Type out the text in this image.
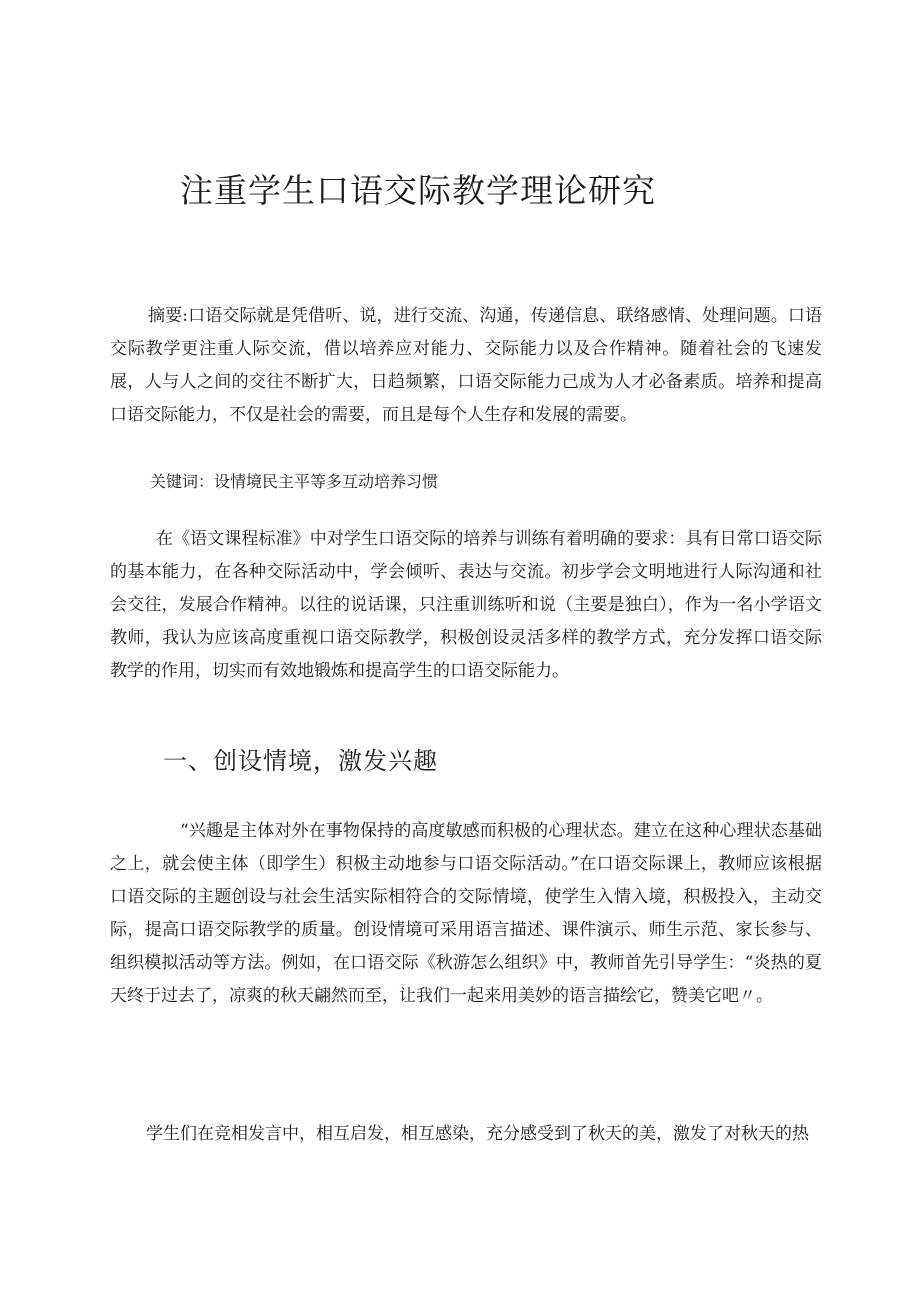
注重学生口语交际教学理论研究

摘要:口语交际就是凭借听、说，进行交流、沟通，传递信息、联络感情、处理问题。口语交际教学更注重人际交流，借以培养应对能力、交际能力以及合作精神。随着社会的飞速发展，人与人之间的交往不断扩大，日趋频繁，口语交际能力己成为人才必备素质。培养和提高口语交际能力，不仅是社会的需要，而且是每个人生存和发展的需要。

关键词：设情境民主平等多互动培养习惯

在《语文课程标准》中对学生口语交际的培养与训练有着明确的要求：具有日常口语交际的基本能力，在各种交际活动中，学会倾听、表达与交流。初步学会文明地进行人际沟通和社会交往，发展合作精神。以往的说话课，只注重训练听和说（主要是独白），作为一名小学语文教师，我认为应该高度重视口语交际教学，积极创设灵活多样的教学方式，充分发挥口语交际教学的作用，切实而有效地锻炼和提高学生的口语交际能力。

一、创设情境，激发兴趣

“兴趣是主体对外在事物保持的高度敏感而积极的心理状态。建立在这种心理状态基础之上，就会使主体（即学生）积极主动地参与口语交际活动。”在口语交际课上，教师应该根据口语交际的主题创设与社会生活实际相符合的交际情境，使学生入情入境，积极投入，主动交际，提高口语交际教学的质量。创设情境可采用语言描述、课件演示、师生示范、家长参与、组织模拟活动等方法。例如，在口语交际《秋游怎么组织》中，教师首先引导学生：“炎热的夏天终于过去了，凉爽的秋天翩然而至，让我们一起来用美妙的语言描绘它，赞美它吧〃。

学生们在竞相发言中，相互启发，相互感染，充分感受到了秋天的美，激发了对秋天的热
